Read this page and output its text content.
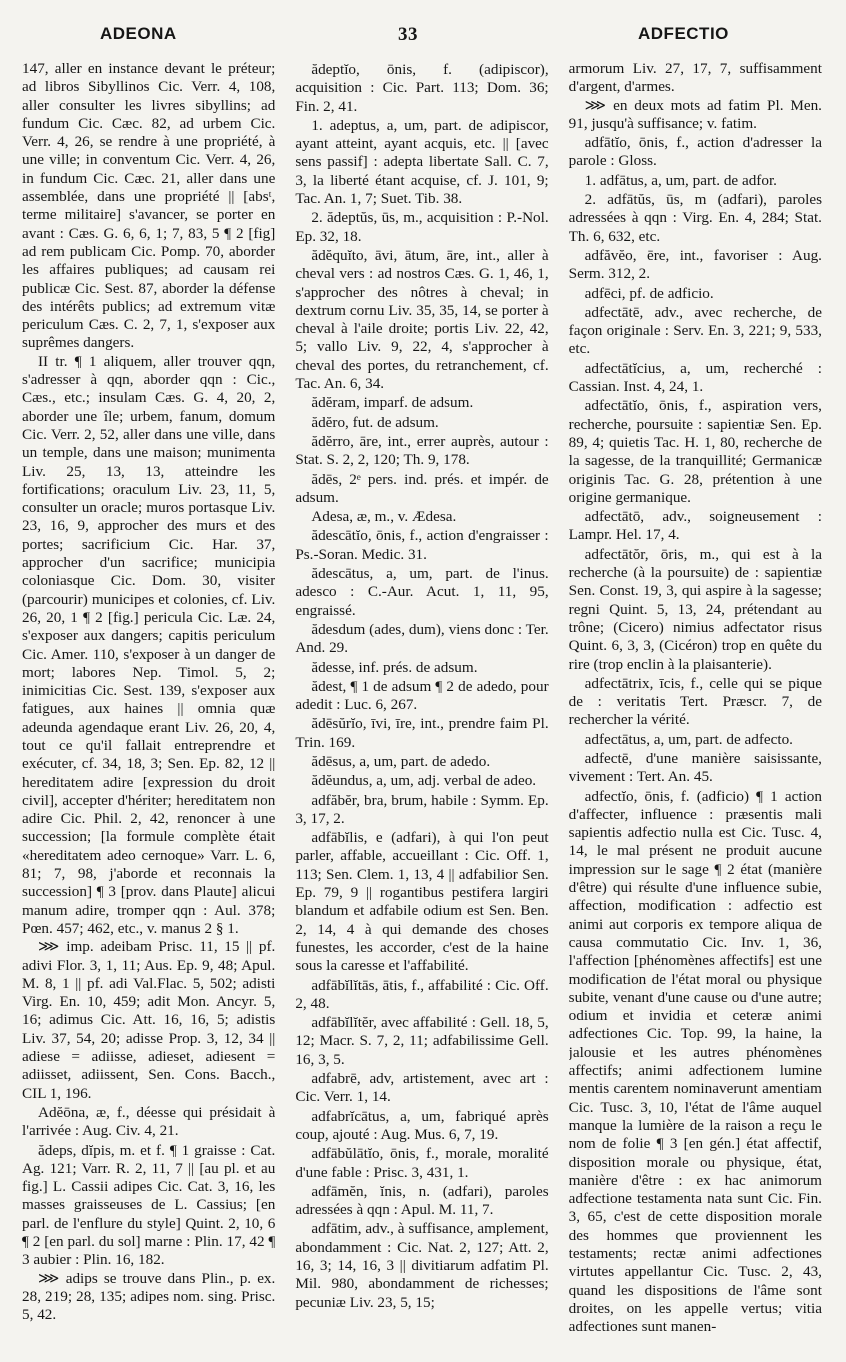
ADEONA	33	ADFECTIO

147, aller en instance devant le préteur; ad libros Sibyllinos Cic. Verr. 4, 108, aller consulter les livres sibyllins; ad fundum Cic. Cæc. 82, ad urbem Cic. Verr. 4, 26, se rendre à une propriété, à une ville; in conventum Cic. Verr. 4, 26, in fundum Cic. Cæc. 21, aller dans une assemblée, dans une propriété || [absᵗ, terme militaire] s'avancer, se porter en avant : Cæs. G. 6, 6, 1; 7, 83, 5 ¶ 2 [fig] ad rem publicam Cic. Pomp. 70, aborder les affaires publiques; ad causam rei publicæ Cic. Sest. 87, aborder la défense des intérêts publics; ad extremum vitæ periculum Cæs. C. 2, 7, 1, s'exposer aux suprêmes dangers.

II tr. ¶ 1 aliquem, aller trouver qqn, s'adresser à qqn, aborder qqn : Cic., Cæs., etc.; insulam Cæs. G. 4, 20, 2, aborder une île; urbem, fanum, domum Cic. Verr. 2, 52, aller dans une ville, dans un temple, dans une maison; munimenta Liv. 25, 13, 13, atteindre les fortifications; oraculum Liv. 23, 11, 5, consulter un oracle; muros portasque Liv. 23, 16, 9, approcher des murs et des portes; sacrificium Cic. Har. 37, approcher d'un sacrifice; municipia coloniasque Cic. Dom. 30, visiter (parcourir) municipes et colonies, cf. Liv. 26, 20, 1 ¶ 2 [fig.] pericula Cic. Læ. 24, s'exposer aux dangers; capitis periculum Cic. Amer. 110, s'exposer à un danger de mort; labores Nep. Timol. 5, 2; inimicitias Cic. Sest. 139, s'exposer aux fatigues, aux haines || omnia quæ adeunda agendaque erant Liv. 26, 20, 4, tout ce qu'il fallait entreprendre et exécuter, cf. 34, 18, 3; Sen. Ep. 82, 12 || hereditatem adire [expression du droit civil], accepter d'hériter; hereditatem non adire Cic. Phil. 2, 42, renoncer à une succession; [la formule complète était «hereditatem adeo cernoque» Varr. L. 6, 81; 7, 98, j'aborde et reconnais la succession] ¶ 3 [prov. dans Plaute] alicui manum adire, tromper qqn : Aul. 378; Pœn. 457; 462, etc., v. manus 2 § 1.

⋙ imp. adeibam Prisc. 11, 15 || pf. adivi Flor. 3, 1, 11; Aus. Ep. 9, 48; Apul. M. 8, 1 || pf. adi Val.Flac. 5, 502; adisti Virg. En. 10, 459; adit Mon. Ancyr. 5, 16; adimus Cic. Att. 16, 16, 5; adistis Liv. 37, 54, 20; adisse Prop. 3, 12, 34 || adiese = adiisse, adieset, adiesent = adiisset, adiissent, Sen. Cons. Bacch., CIL 1, 196.

Adĕōna, æ, f., déesse qui présidait à l'arrivée : Aug. Civ. 4, 21.

ădeps, dĭpis, m. et f. ¶ 1 graisse : Cat. Ag. 121; Varr. R. 2, 11, 7 || [au pl. et au fig.] L. Cassii adipes Cic. Cat. 3, 16, les masses graisseuses de L. Cassius; [en parl. de l'enflure du style] Quint. 2, 10, 6 ¶ 2 [en parl. du sol] marne : Plin. 17, 42 ¶ 3 aubier : Plin. 16, 182.

⋙ adips se trouve dans Plin., p. ex. 28, 219; 28, 135; adipes nom. sing. Prisc. 5, 42.

ădeptĭo, ōnis, f. (adipiscor), acquisition : Cic. Part. 113; Dom. 36; Fin. 2, 41.

1. adeptus, a, um, part. de adipiscor, ayant atteint, ayant acquis, etc. || [avec sens passif] : adepta libertate Sall. C. 7, 3, la liberté étant acquise, cf. J. 101, 9; Tac. An. 1, 7; Suet. Tib. 38.

2. ădeptŭs, ūs, m., acquisition : P.-Nol. Ep. 32, 18.

ădĕquĭto, āvi, ātum, āre, int., aller à cheval vers : ad nostros Cæs. G. 1, 46, 1, s'approcher des nôtres à cheval; in dextrum cornu Liv. 35, 35, 14, se porter à cheval à l'aile droite; portis Liv. 22, 42, 5; vallo Liv. 9, 22, 4, s'approcher à cheval des portes, du retranchement, cf. Tac. An. 6, 34.

ădĕram, imparf. de adsum.

ădĕro, fut. de adsum.

ădĕrro, āre, int., errer auprès, autour : Stat. S. 2, 2, 120; Th. 9, 178.

ădēs, 2ᵉ pers. ind. prés. et impér. de adsum.

Adesa, æ, m., v. Ædesa.

ădescātĭo, ōnis, f., action d'engraisser : Ps.-Soran. Medic. 31.

ădescātus, a, um, part. de l'inus. adesco : C.-Aur. Acut. 1, 11, 95, engraissé.

ădesdum (ades, dum), viens donc : Ter. And. 29.

ădesse, inf. prés. de adsum.

ădest, ¶ 1 de adsum ¶ 2 de adedo, pour adedit : Luc. 6, 267.

ădēsŭrĭo, īvi, īre, int., prendre faim Pl. Trin. 169.

ădēsus, a, um, part. de adedo.

ădĕundus, a, um, adj. verbal de adeo.

adfăbĕr, bra, brum, habile : Symm. Ep. 3, 17, 2.

adfābĭlis, e (adfari), à qui l'on peut parler, affable, accueillant : Cic. Off. 1, 113; Sen. Clem. 1, 13, 4 || adfabilior Sen. Ep. 79, 9 || rogantibus pestifera largiri blandum et adfabile odium est Sen. Ben. 2, 14, 4 à qui demande des choses funestes, les accorder, c'est de la haine sous la caresse et l'affabilité.

adfābĭlĭtās, ātis, f., affabilité : Cic. Off. 2, 48.

adfābĭlĭtĕr, avec affabilité : Gell. 18, 5, 12; Macr. S. 7, 2, 11; adfabilissime Gell. 16, 3, 5.

adfabrē, adv, artistement, avec art : Cic. Verr. 1, 14.

adfabrĭcātus, a, um, fabriqué après coup, ajouté : Aug. Mus. 6, 7, 19.

adfābŭlātĭo, ōnis, f., morale, moralité d'une fable : Prisc. 3, 431, 1.

adfāmĕn, ĭnis, n. (adfari), paroles adressées à qqn : Apul. M. 11, 7.

adfātim, adv., à suffisance, amplement, abondamment : Cic. Nat. 2, 127; Att. 2, 16, 3; 14, 16, 3 || divitiarum adfatim Pl. Mil. 980, abondamment de richesses; pecuniæ Liv. 23, 5, 15;

armorum Liv. 27, 17, 7, suffisamment d'argent, d'armes.

⋙ en deux mots ad fatim Pl. Men. 91, jusqu'à suffisance; v. fatim.

adfātĭo, ōnis, f., action d'adresser la parole : Gloss.

1. adfātus, a, um, part. de adfor.

2. adfātŭs, ūs, m (adfari), paroles adressées à qqn : Virg. En. 4, 284; Stat. Th. 6, 632, etc.

adfăvĕo, ēre, int., favoriser : Aug. Serm. 312, 2.

adfēci, pf. de adficio.

adfectātē, adv., avec recherche, de façon originale : Serv. En. 3, 221; 9, 533, etc.

adfectātĭcius, a, um, recherché : Cassian. Inst. 4, 24, 1.

adfectātĭo, ōnis, f., aspiration vers, recherche, poursuite : sapientiæ Sen. Ep. 89, 4; quietis Tac. H. 1, 80, recherche de la sagesse, de la tranquillité; Germanicæ originis Tac. G. 28, prétention à une origine germanique.

adfectātō, adv., soigneusement : Lampr. Hel. 17, 4.

adfectātŏr, ōris, m., qui est à la recherche (à la poursuite) de : sapientiæ Sen. Const. 19, 3, qui aspire à la sagesse; regni Quint. 5, 13, 24, prétendant au trône; (Cicero) nimius adfectator risus Quint. 6, 3, 3, (Cicéron) trop en quête du rire (trop enclin à la plaisanterie).

adfectātrix, īcis, f., celle qui se pique de : veritatis Tert. Præscr. 7, de rechercher la vérité.

adfectātus, a, um, part. de adfecto.

adfectē, d'une manière saisissante, vivement : Tert. An. 45.

adfectĭo, ōnis, f. (adficio) ¶ 1 action d'affecter, influence : præsentis mali sapientis adfectio nulla est Cic. Tusc. 4, 14, le mal présent ne produit aucune impression sur le sage ¶ 2 état (manière d'être) qui résulte d'une influence subie, affection, modification : adfectio est animi aut corporis ex tempore aliqua de causa commutatio Cic. Inv. 1, 36, l'affection [phénomènes affectifs] est une modification de l'état moral ou physique subite, venant d'une cause ou d'une autre; odium et invidia et ceteræ animi adfectiones Cic. Top. 99, la haine, la jalousie et les autres phénomènes affectifs; animi adfectionem lumine mentis carentem nominaverunt amentiam Cic. Tusc. 3, 10, l'état de l'âme auquel manque la lumière de la raison a reçu le nom de folie ¶ 3 [en gén.] état affectif, disposition morale ou physique, état, manière d'être : ex hac animorum adfectione testamenta nata sunt Cic. Fin. 3, 65, c'est de cette disposition morale des hommes que proviennent les testaments; rectæ animi adfectiones virtutes appellantur Cic. Tusc. 2, 43, quand les dispositions de l'âme sont droites, on les appelle vertus; vitia adfectiones sunt manen-
